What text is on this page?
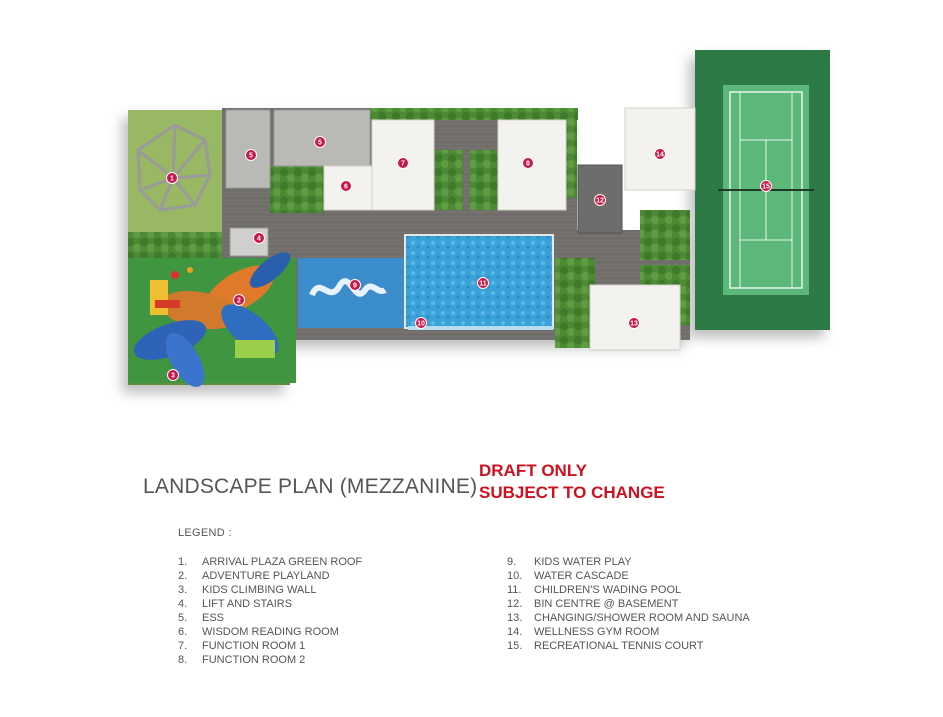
1
2
3
4
5
5
6
7	8
9
10
11
12
13
14
15
LANDSCAPE PLAN (MEZZANINE)
DRAFT ONLY
SUBJECT TO CHANGE
LEGEND :
1. ARRIVAL PLAZA GREEN ROOF
2. ADVENTURE PLAYLAND
3. KIDS CLIMBING WALL
4. LIFT AND STAIRS
5. ESS
6. WISDOM READING ROOM
7. FUNCTION ROOM 1
8. FUNCTION ROOM 2
9. KIDS WATER PLAY
10. WATER CASCADE
11. CHILDREN'S WADING POOL
12. BIN CENTRE @ BASEMENT
13. CHANGING/SHOWER ROOM AND SAUNA
14. WELLNESS GYM ROOM
15. RECREATIONAL TENNIS COURT
